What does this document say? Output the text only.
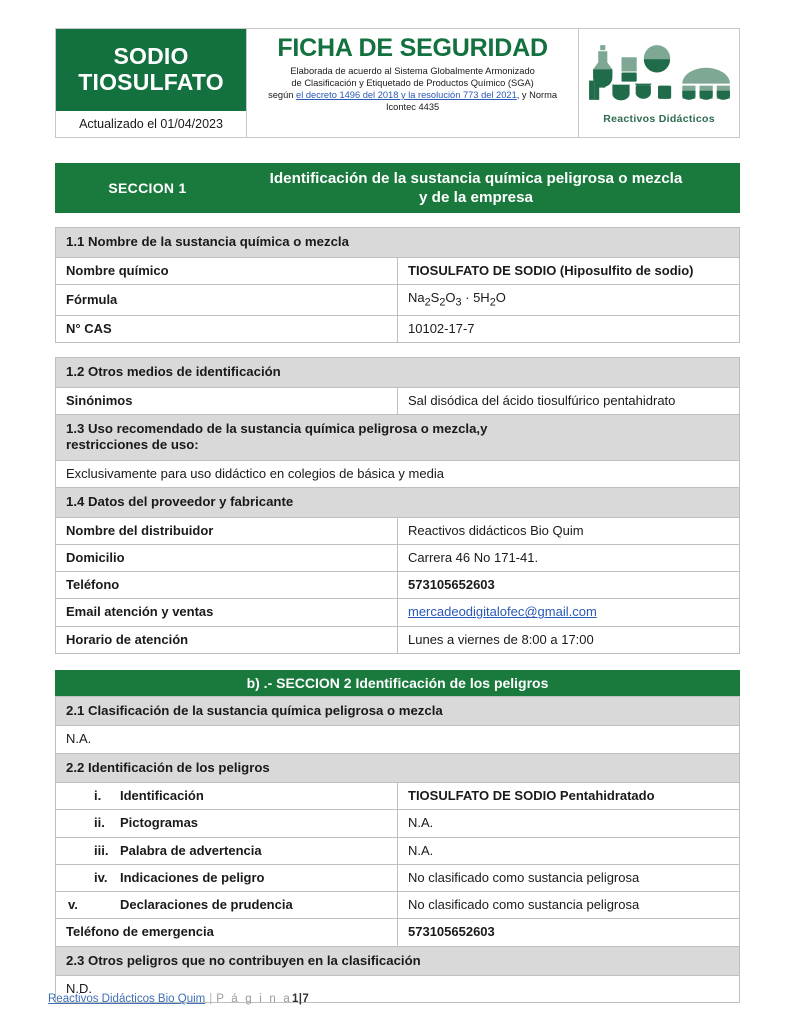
SODIO
TIOSULFATO
Actualizado el 01/04/2023
FICHA DE SEGURIDAD
Elaborada de acuerdo al Sistema Globalmente Armonizado
de Clasificación y Etiquetado de Productos Químico (SGA)
según el decreto 1496 del 2018 y la resolución 773 del 2021, y Norma Icontec 4435
Reactivos Didácticos
SECCION 1
Identificación de la sustancia química peligrosa o mezcla
y de la empresa
1.1 Nombre de la sustancia química o mezcla	
Nombre químico	TIOSULFATO DE SODIO (Hiposulfito de sodio)
Fórmula	$Na_2S_2O_3 \cdot 5H_2O$
N° CAS	10102-17-7
1.2 Otros medios de identificación	
Sinónimos	Sal disódica del ácido tiosulfúrico pentahidrato

1.3 Uso recomendado de la sustancia química peligrosa o mezcla,y
restricciones de uso:	

Exclusivamente para uso didáctico en colegios de básica y media	
1.4 Datos del proveedor y fabricante	
Nombre del distribuidor	Reactivos didácticos Bio Quim
Domicilio	Carrera 46 No 171-41.
Teléfono	573105652603
Email atención y ventas	mercadeodigitalofec@gmail.com
Horario de atención	Lunes a viernes de 8:00 a 17:00
b) .- SECCION 2 Identificación de los peligros
2.1 Clasificación de la sustancia química peligrosa o mezcla	
N.A.	
2.2 Identificación de los peligros	
i. Identificación	TIOSULFATO DE SODIO Pentahidratado
ii. Pictogramas	N.A.
iii. Palabra de advertencia	N.A.
iv. Indicaciones de peligro	No clasificado como sustancia peligrosa
v. Declaraciones de prudencia	No clasificado como sustancia peligrosa
Teléfono de emergencia	573105652603
2.3 Otros peligros que no contribuyen en la clasificación	
N.D.	
Reactivos Didácticos Bio Quim | P á g i n a1|7
